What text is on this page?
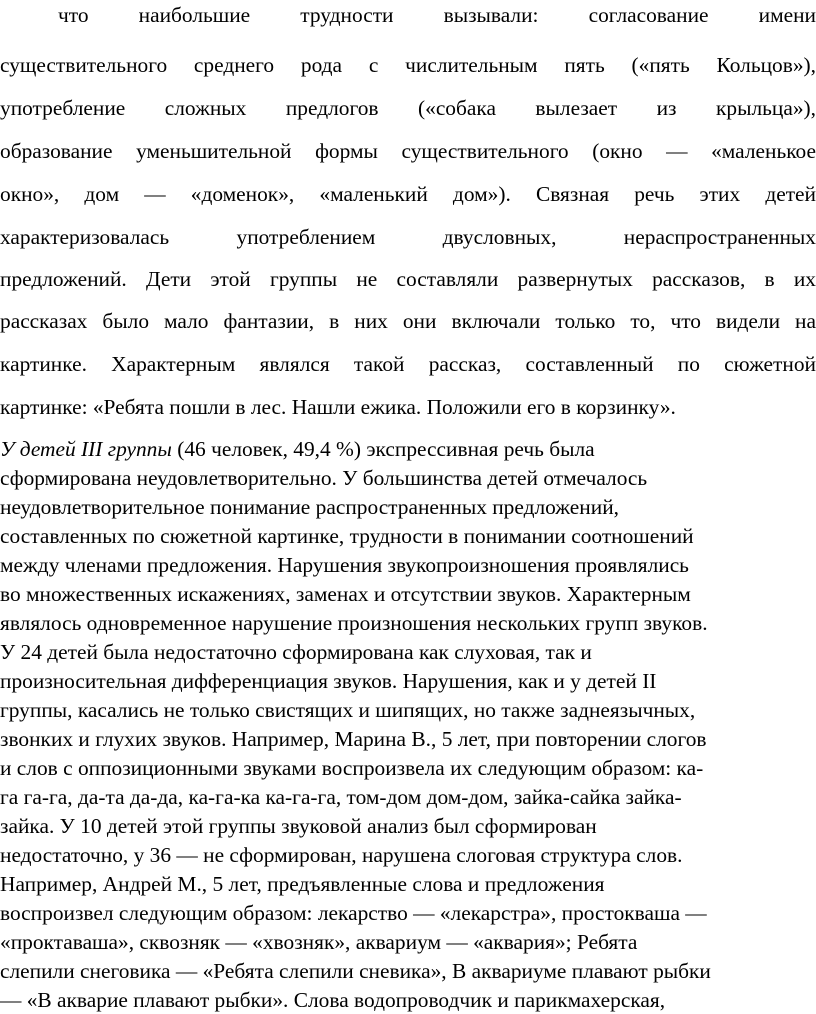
что наибольшие трудности вызывали: согласование имени
существительного среднего рода с числительным пять («пять Кольцов»),
употребление сложных предлогов («собака вылезает из крыльца»),
образование уменьшительной формы существительного (окно — «маленькое
окно», дом — «доменок», «маленький дом»). Связная речь этих детей
характеризовалась употреблением двусловных, нераспространенных
предложений. Дети этой группы не составляли развернутых рассказов, в их
рассказах было мало фантазии, в них они включали только то, что видели на
картинке. Характерным являлся такой рассказ, составленный по сюжетной
картинке: «Ребята пошли в лес. Нашли ежика. Положили его в корзинку».
У детей III группы (46 человек, 49,4 %) экспрессивная речь была
сформирована неудовлетворительно. У большинства детей отмечалось
неудовлетворительное понимание распространенных предложений,
составленных по сюжетной картинке, трудности в понимании соотношений
между членами предложения. Нарушения звукопроизношения проявлялись
во множественных искажениях, заменах и отсутствии звуков. Характерным
являлось одновременное нарушение произношения нескольких групп звуков.
У 24 детей была недостаточно сформирована как слуховая, так и
произносительная дифференциация звуков. Нарушения, как и у детей II
группы, касались не только свистящих и шипящих, но также заднеязычных,
звонких и глухих звуков. Например, Марина В., 5 лет, при повторении слогов
и слов с оппозиционными звуками воспроизвела их следующим образом: ка-
га га-га, да-та да-да, ка-га-ка ка-га-га, том-дом дом-дом, зайка-сайка зайка-
зайка. У 10 детей этой группы звуковой анализ был сформирован
недостаточно, у 36 — не сформирован, нарушена слоговая структура слов.
Например, Андрей М., 5 лет, предъявленные слова и предложения
воспроизвел следующим образом: лекарство — «лекарстра», простокваша —
«проктаваша», сквозняк — «хвозняк», аквариум — «аквария»; Ребята
слепили снеговика — «Ребята слепили сневика», В аквариуме плавают рыбки
— «В акварие плавают рыбки». Слова водопроводчик и парикмахерская,
